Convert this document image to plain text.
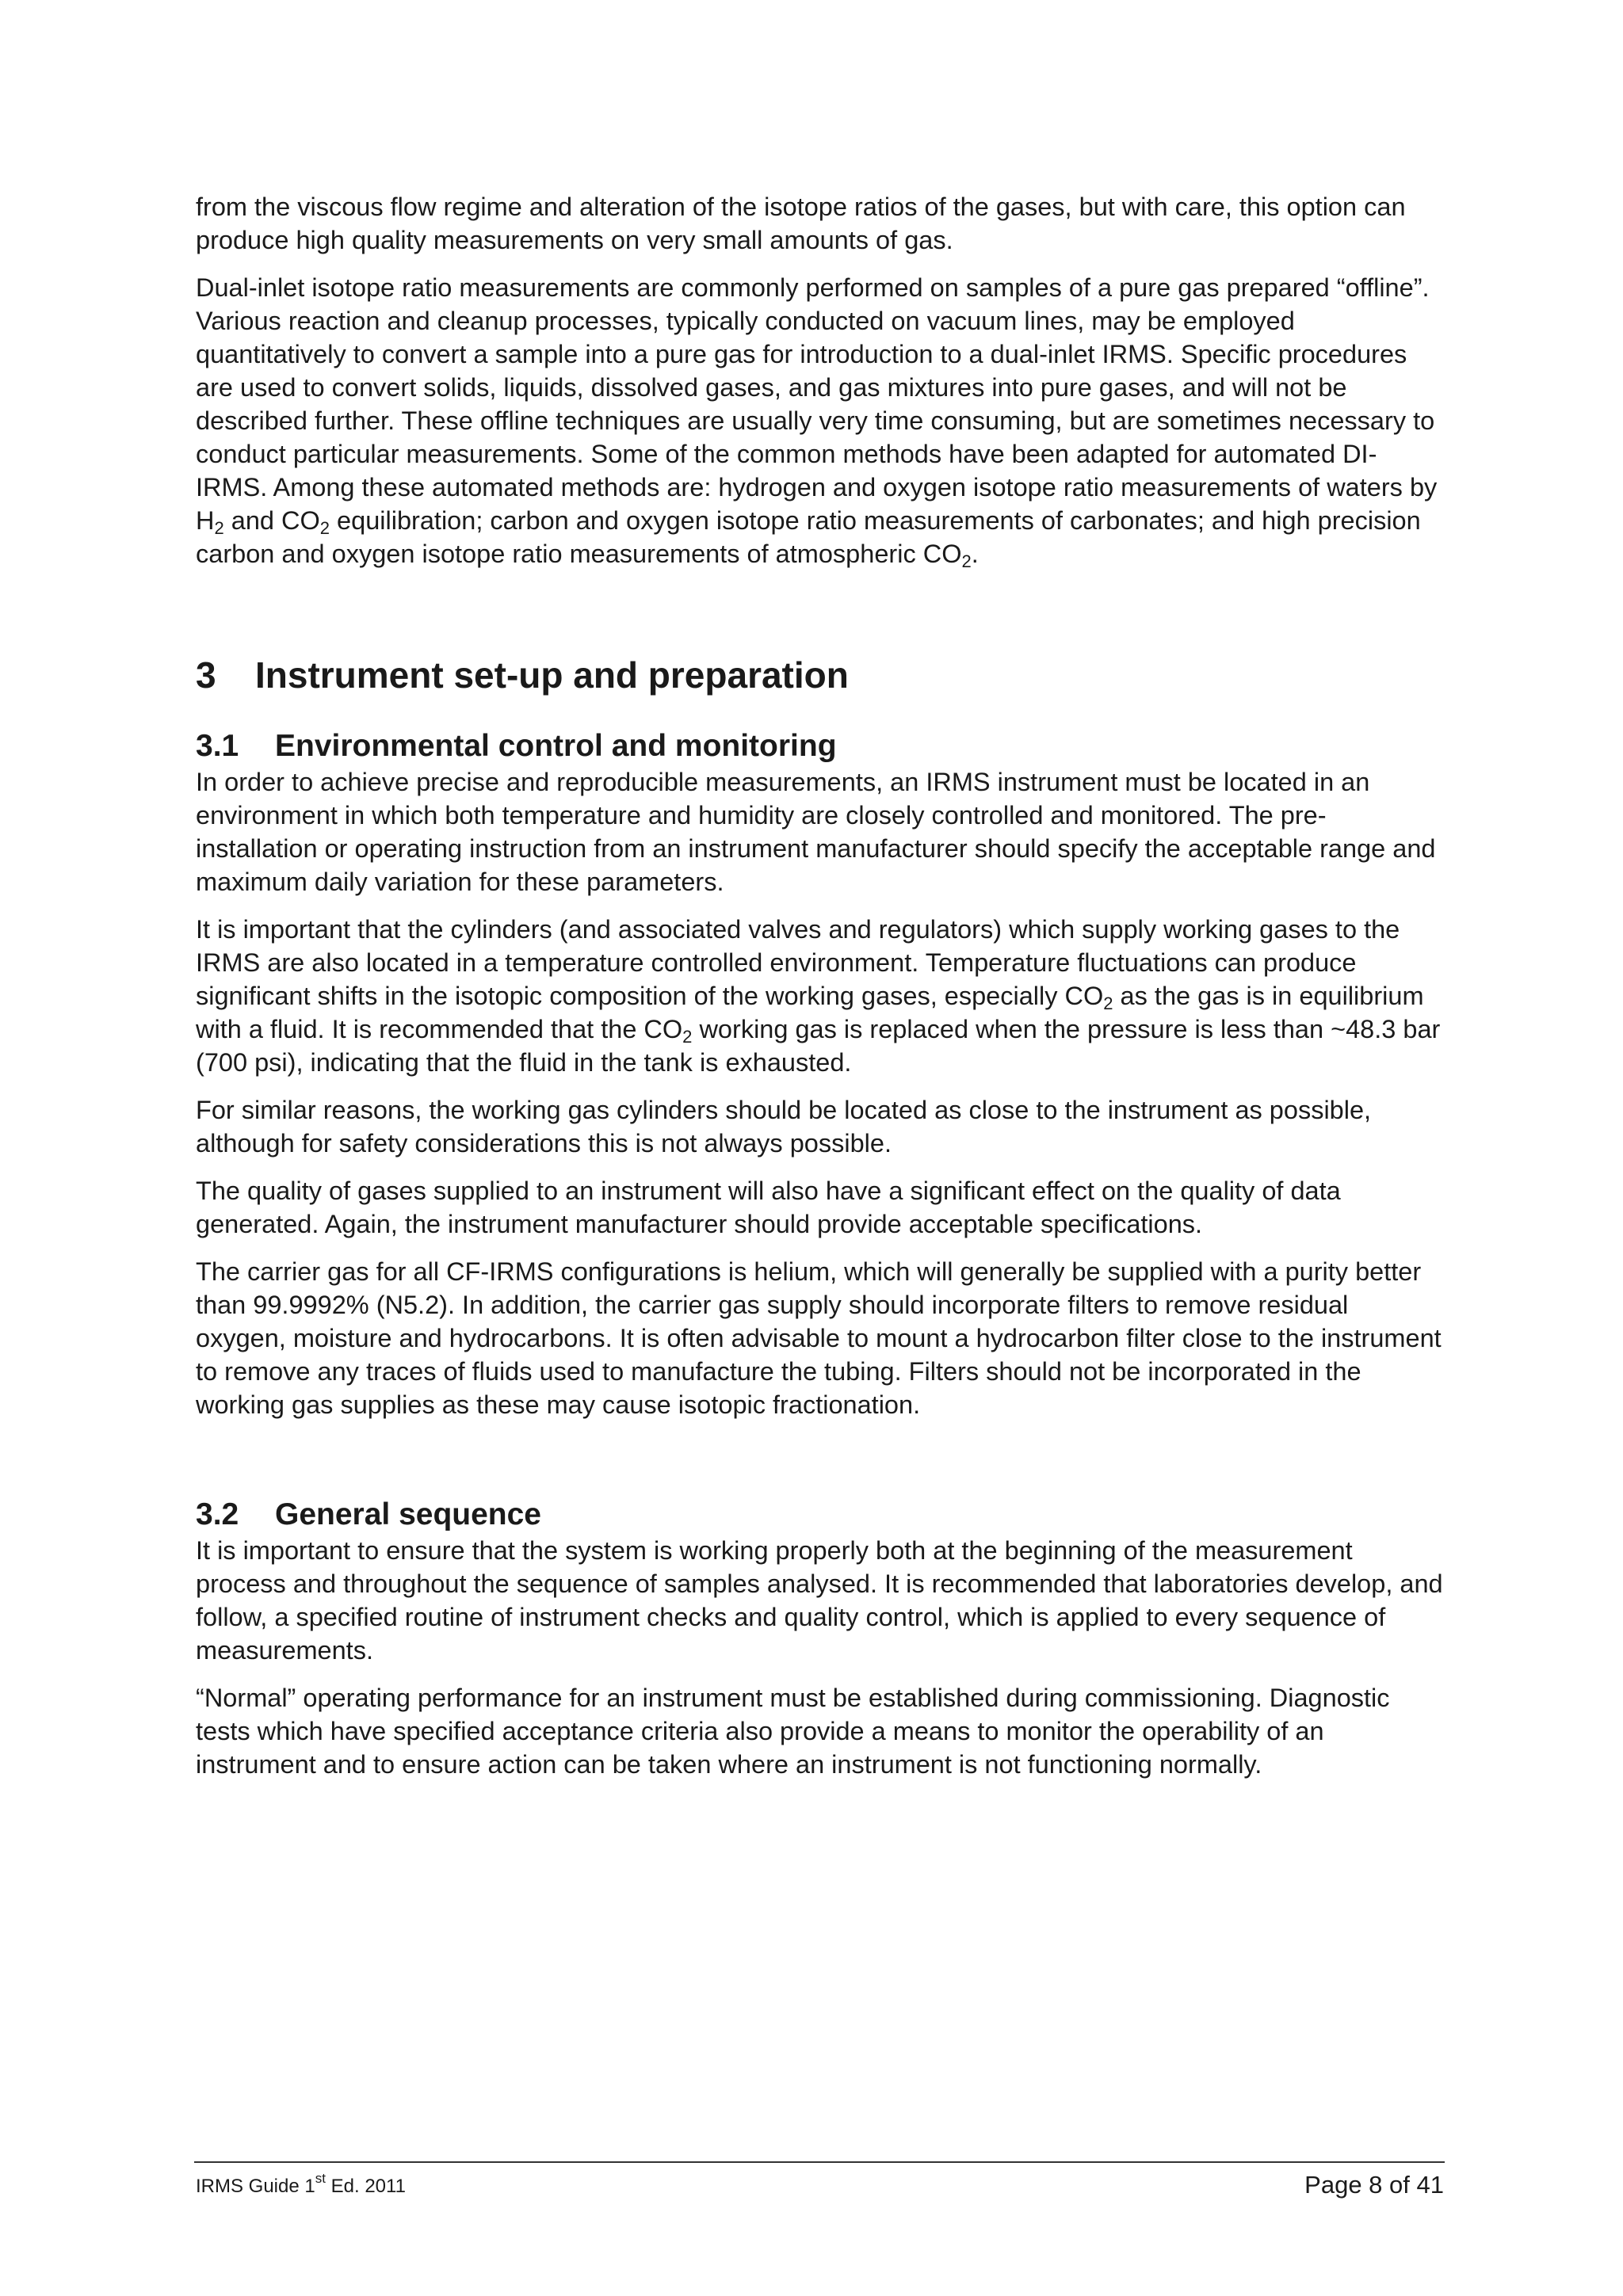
from the viscous flow regime and alteration of the isotope ratios of the gases, but with care, this option can produce high quality measurements on very small amounts of gas.

Dual-inlet isotope ratio measurements are commonly performed on samples of a pure gas prepared “offline”. Various reaction and cleanup processes, typically conducted on vacuum lines, may be employed quantitatively to convert a sample into a pure gas for introduction to a dual-inlet IRMS. Specific procedures are used to convert solids, liquids, dissolved gases, and gas mixtures into pure gases, and will not be described further. These offline techniques are usually very time consuming, but are sometimes necessary to conduct particular measurements. Some of the common methods have been adapted for automated DI-IRMS. Among these automated methods are: hydrogen and oxygen isotope ratio measurements of waters by $H_2$ and $CO_2$ equilibration; carbon and oxygen isotope ratio measurements of carbonates; and high precision carbon and oxygen isotope ratio measurements of atmospheric $CO_2$.

3 Instrument set-up and preparation
3.1 Environmental control and monitoring

In order to achieve precise and reproducible measurements, an IRMS instrument must be located in an environment in which both temperature and humidity are closely controlled and monitored. The pre-installation or operating instruction from an instrument manufacturer should specify the acceptable range and maximum daily variation for these parameters.

It is important that the cylinders (and associated valves and regulators) which supply working gases to the IRMS are also located in a temperature controlled environment. Temperature fluctuations can produce significant shifts in the isotopic composition of the working gases, especially $CO_2$ as the gas is in equilibrium with a fluid. It is recommended that the $CO_2$ working gas is replaced when the pressure is less than ~48.3 bar (700 psi), indicating that the fluid in the tank is exhausted.

For similar reasons, the working gas cylinders should be located as close to the instrument as possible, although for safety considerations this is not always possible.

The quality of gases supplied to an instrument will also have a significant effect on the quality of data generated. Again, the instrument manufacturer should provide acceptable specifications.

The carrier gas for all CF-IRMS configurations is helium, which will generally be supplied with a purity better than 99.9992% (N5.2). In addition, the carrier gas supply should incorporate filters to remove residual oxygen, moisture and hydrocarbons. It is often advisable to mount a hydrocarbon filter close to the instrument to remove any traces of fluids used to manufacture the tubing. Filters should not be incorporated in the working gas supplies as these may cause isotopic fractionation.

3.2 General sequence

It is important to ensure that the system is working properly both at the beginning of the measurement process and throughout the sequence of samples analysed. It is recommended that laboratories develop, and follow, a specified routine of instrument checks and quality control, which is applied to every sequence of measurements.

“Normal” operating performance for an instrument must be established during commissioning. Diagnostic tests which have specified acceptance criteria also provide a means to monitor the operability of an instrument and to ensure action can be taken where an instrument is not functioning normally.

IRMS Guide 1st Ed. 2011	Page 8 of 41
